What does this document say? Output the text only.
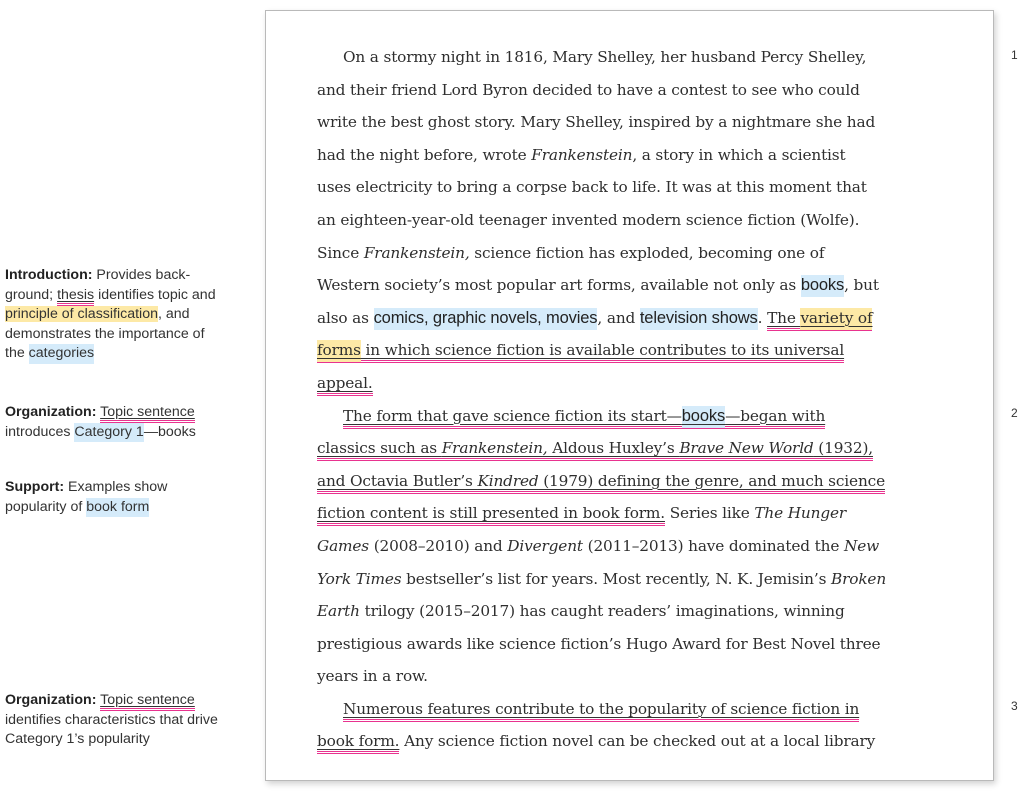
Introduction: Provides back-
ground; thesis identifies topic and
principle of classification, and
demonstrates the importance of
the categories
Organization: Topic sentence
introduces Category 1—books
Support: Examples show
popularity of book form
Organization: Topic sentence
identifies characteristics that drive
Category 1’s popularity
On a stormy night in 1816, Mary Shelley, her husband Percy Shelley,
and their friend Lord Byron decided to have a contest to see who could
write the best ghost story. Mary Shelley, inspired by a nightmare she had
had the night before, wrote Frankenstein, a story in which a scientist
uses electricity to bring a corpse back to life. It was at this moment that
an eighteen-year-old teenager invented modern science fiction (Wolfe).
Since Frankenstein, science fiction has exploded, becoming one of
Western society’s most popular art forms, available not only as books, but
also as comics, graphic novels, movies, and television shows. The variety of
forms in which science fiction is available contributes to its universal
appeal.
The form that gave science fiction its start—books—began with
classics such as Frankenstein, Aldous Huxley’s Brave New World (1932),
and Octavia Butler’s Kindred (1979) defining the genre, and much science
fiction content is still presented in book form. Series like The Hunger
Games (2008–2010) and Divergent (2011–2013) have dominated the New
York Times bestseller’s list for years. Most recently, N. K. Jemisin’s Broken
Earth trilogy (2015–2017) has caught readers’ imaginations, winning
prestigious awards like science fiction’s Hugo Award for Best Novel three
years in a row.
Numerous features contribute to the popularity of science fiction in
book form. Any science fiction novel can be checked out at a local library
1
2
3
